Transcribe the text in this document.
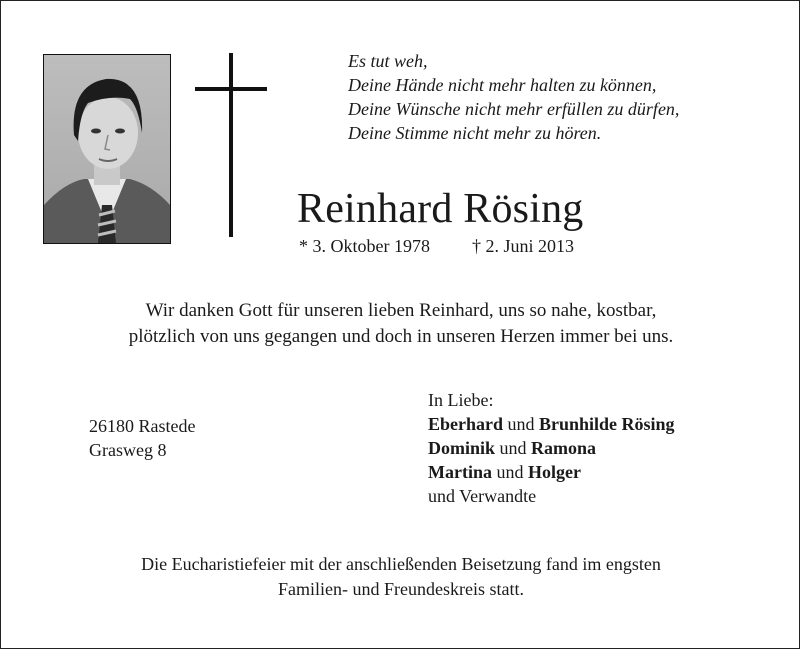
Es tut weh,
Deine Hände nicht mehr halten zu können,
Deine Wünsche nicht mehr erfüllen zu dürfen,
Deine Stimme nicht mehr zu hören.
Reinhard Rösing
* 3. Oktober 1978 † 2. Juni 2013
Wir danken Gott für unseren lieben Reinhard, uns so nahe, kostbar,
plötzlich von uns gegangen und doch in unseren Herzen immer bei uns.
26180 Rastede
Grasweg 8
In Liebe:
Eberhard und Brunhilde Rösing
Dominik und Ramona
Martina und Holger
und Verwandte
Die Eucharistiefeier mit der anschließenden Beisetzung fand im engsten
Familien- und Freundeskreis statt.
